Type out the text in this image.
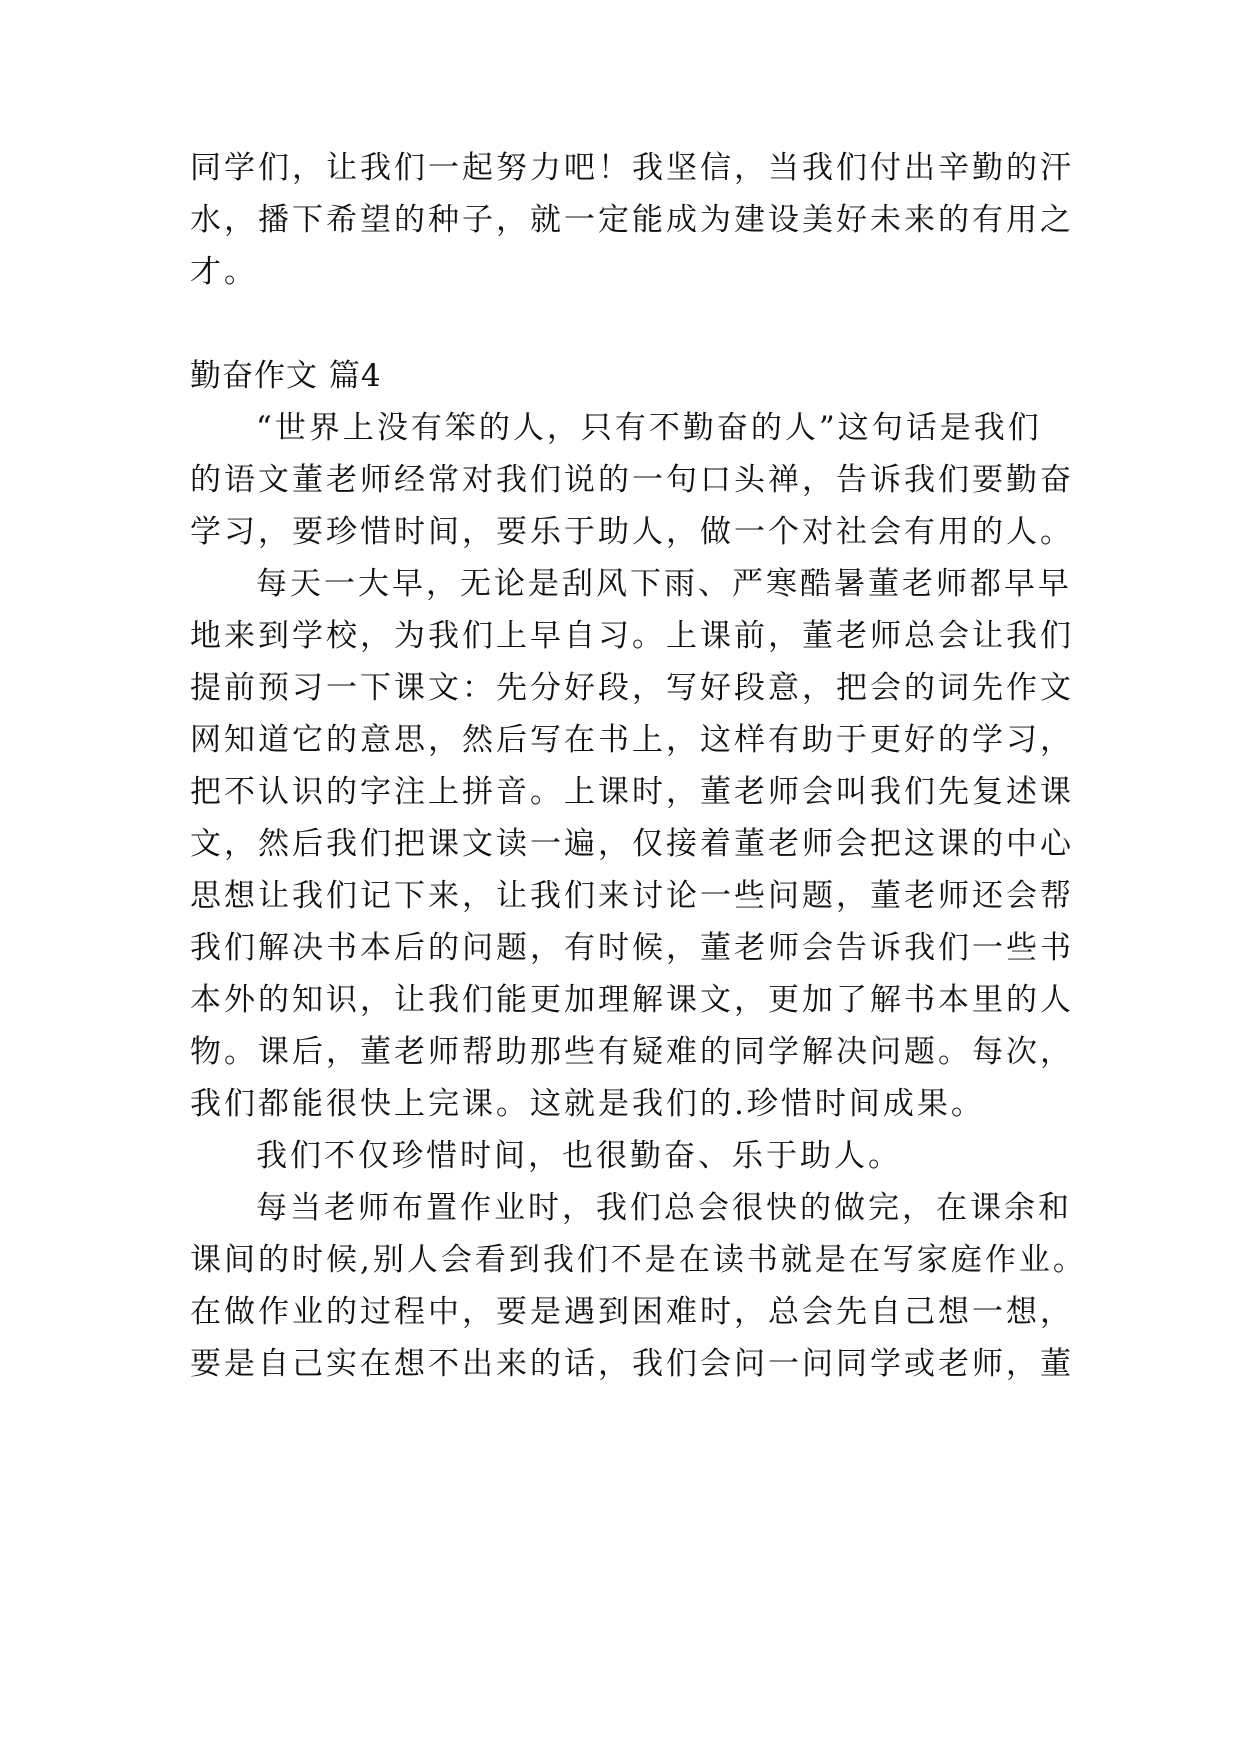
同学们，让我们一起努力吧！我坚信，当我们付出辛勤的汗
水，播下希望的种子，就一定能成为建设美好未来的有用之
才。
勤奋作文 篇4
“世界上没有笨的人，只有不勤奋的人”这句话是我们
的语文董老师经常对我们说的一句口头禅，告诉我们要勤奋
学习，要珍惜时间，要乐于助人，做一个对社会有用的人。
每天一大早，无论是刮风下雨、严寒酷暑董老师都早早
地来到学校，为我们上早自习。上课前，董老师总会让我们
提前预习一下课文：先分好段，写好段意，把会的词先作文
网知道它的意思，然后写在书上，这样有助于更好的学习，
把不认识的字注上拼音。上课时，董老师会叫我们先复述课
文，然后我们把课文读一遍，仅接着董老师会把这课的中心
思想让我们记下来，让我们来讨论一些问题，董老师还会帮
我们解决书本后的问题，有时候，董老师会告诉我们一些书
本外的知识，让我们能更加理解课文，更加了解书本里的人
物。课后，董老师帮助那些有疑难的同学解决问题。每次，
我们都能很快上完课。这就是我们的.珍惜时间成果。
我们不仅珍惜时间，也很勤奋、乐于助人。
每当老师布置作业时，我们总会很快的做完，在课余和
课间的时候,别人会看到我们不是在读书就是在写家庭作业。
在做作业的过程中，要是遇到困难时，总会先自己想一想，
要是自己实在想不出来的话，我们会问一问同学或老师，董
